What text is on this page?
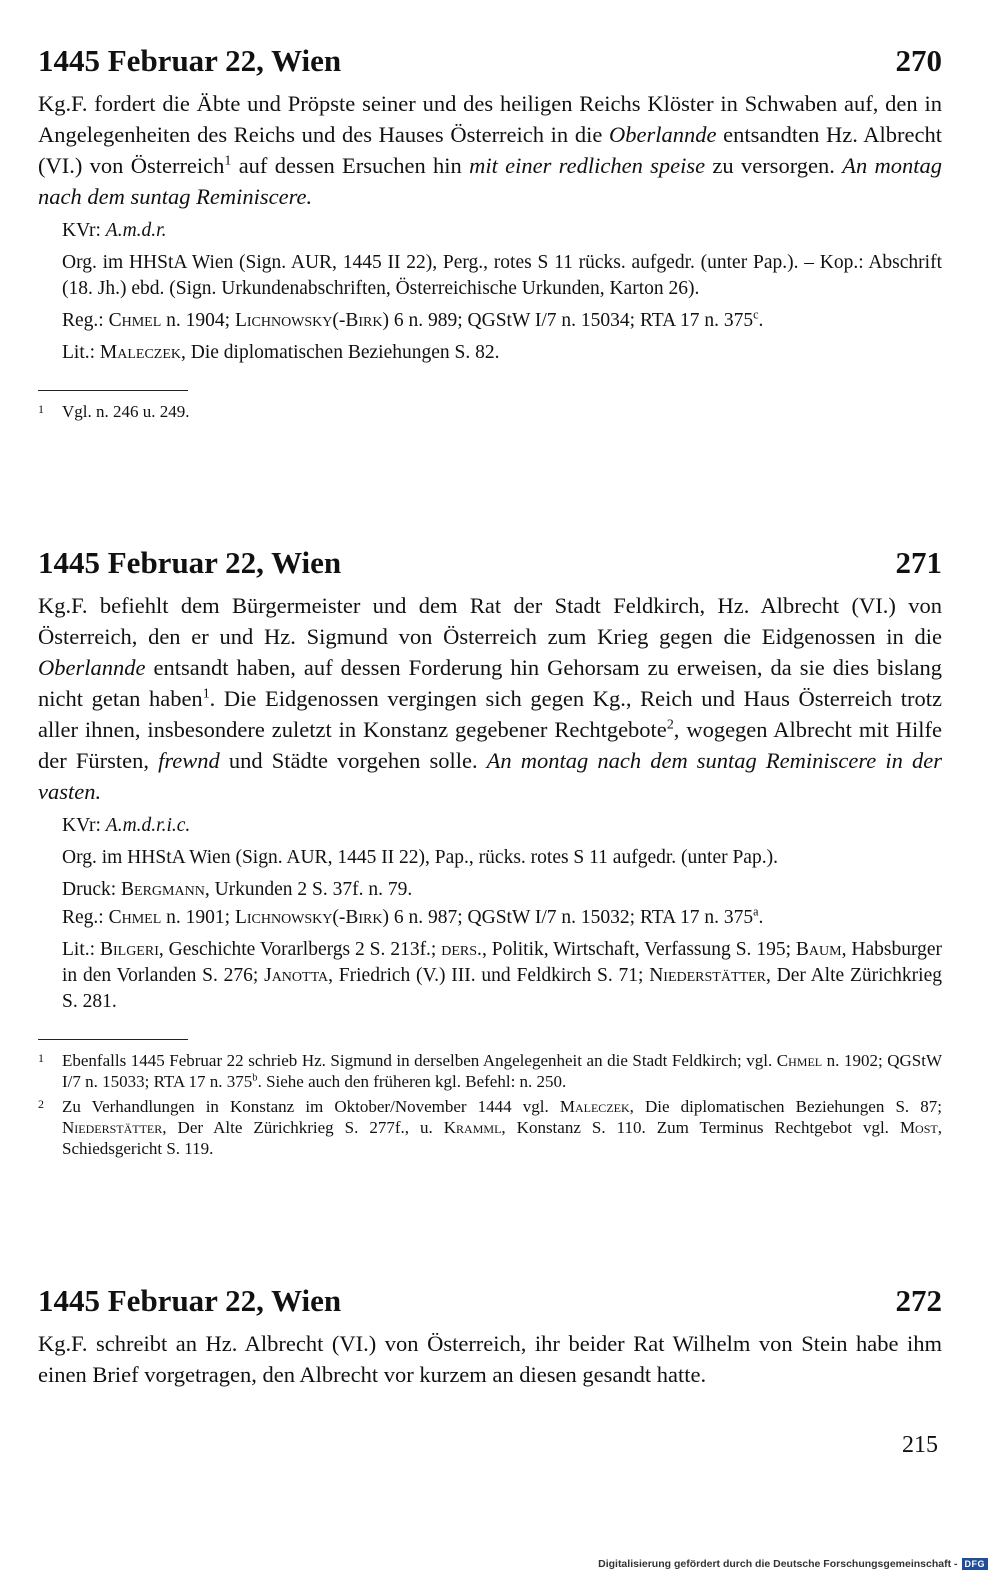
1445 Februar 22, Wien	270

Kg.F. fordert die Äbte und Pröpste seiner und des heiligen Reichs Klöster in Schwaben auf, den in Angelegenheiten des Reichs und des Hauses Österreich in die Oberlannde entsandten Hz. Albrecht (VI.) von Österreich$^1$ auf dessen Ersuchen hin mit einer redlichen speise zu versorgen. An montag nach dem suntag Reminiscere.

KVr: A.m.d.r.

Org. im HHStA Wien (Sign. AUR, 1445 II 22), Perg., rotes S 11 rücks. aufgedr. (unter Pap.). – Kop.: Abschrift (18. Jh.) ebd. (Sign. Urkundenabschriften, Österreichische Urkunden, Karton 26).

Reg.: Chmel n. 1904; Lichnowsky(-Birk) 6 n. 989; QGStW I/7 n. 15034; RTA 17 n. 375$^c$.

Lit.: Maleczek, Die diplomatischen Beziehungen S. 82.

1	Vgl. n. 246 u. 249.
1445 Februar 22, Wien	271

Kg.F. befiehlt dem Bürgermeister und dem Rat der Stadt Feldkirch, Hz. Albrecht (VI.) von Österreich, den er und Hz. Sigmund von Österreich zum Krieg gegen die Eidgenossen in die Oberlannde entsandt haben, auf dessen Forderung hin Gehorsam zu erweisen, da sie dies bislang nicht getan haben$^1$. Die Eidgenossen vergingen sich gegen Kg., Reich und Haus Österreich trotz aller ihnen, insbesondere zuletzt in Konstanz gegebener Rechtgebote$^2$, wogegen Albrecht mit Hilfe der Fürsten, frewnd und Städte vorgehen solle. An montag nach dem suntag Reminiscere in der vasten.

KVr: A.m.d.r.i.c.

Org. im HHStA Wien (Sign. AUR, 1445 II 22), Pap., rücks. rotes S 11 aufgedr. (unter Pap.).

Druck: Bergmann, Urkunden 2 S. 37f. n. 79.

Reg.: Chmel n. 1901; Lichnowsky(-Birk) 6 n. 987; QGStW I/7 n. 15032; RTA 17 n. 375$^a$.

Lit.: Bilgeri, Geschichte Vorarlbergs 2 S. 213f.; ders., Politik, Wirtschaft, Verfassung S. 195; Baum, Habsburger in den Vorlanden S. 276; Janotta, Friedrich (V.) III. und Feldkirch S. 71; Niederstätter, Der Alte Zürichkrieg S. 281.

1	Ebenfalls 1445 Februar 22 schrieb Hz. Sigmund in derselben Angelegenheit an die Stadt Feldkirch; vgl. Chmel n. 1902; QGStW I/7 n. 15033; RTA 17 n. 375$^b$. Siehe auch den früheren kgl. Befehl: n. 250.
2	Zu Verhandlungen in Konstanz im Oktober/November 1444 vgl. Maleczek, Die diplomatischen Beziehungen S. 87; Niederstätter, Der Alte Zürichkrieg S. 277f., u. Kramml, Konstanz S. 110. Zum Terminus Rechtgebot vgl. Most, Schiedsgericht S. 119.
1445 Februar 22, Wien	272

Kg.F. schreibt an Hz. Albrecht (VI.) von Österreich, ihr beider Rat Wilhelm von Stein habe ihm einen Brief vorgetragen, den Albrecht vor kurzem an diesen gesandt hatte.

215
Digitalisierung gefördert durch die Deutsche Forschungsgemeinschaft - DFG
